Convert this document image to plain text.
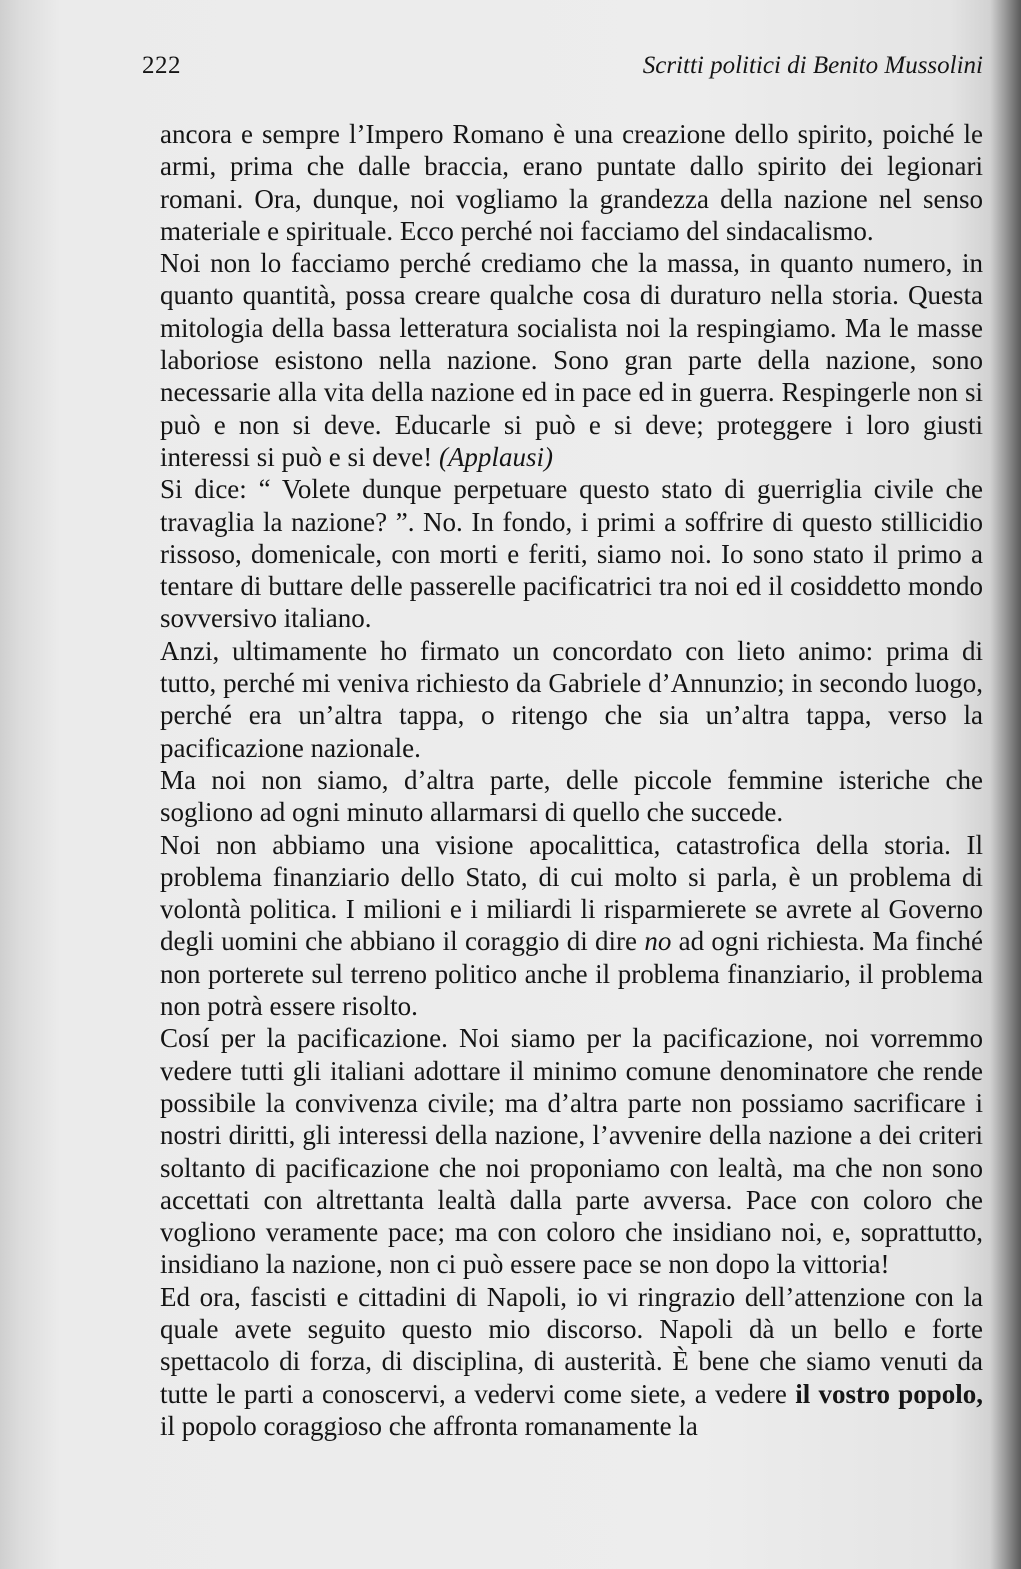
222	Scritti politici di Benito Mussolini

ancora e sempre l’Impero Romano è una creazione dello spirito, poiché le armi, prima che dalle braccia, erano puntate dallo spirito dei legionari romani. Ora, dunque, noi vogliamo la grandezza della nazione nel senso materiale e spirituale. Ecco perché noi facciamo del sindacalismo.

Noi non lo facciamo perché crediamo che la massa, in quanto numero, in quanto quantità, possa creare qualche cosa di duraturo nella storia. Questa mitologia della bassa letteratura socialista noi la respingiamo. Ma le masse laboriose esistono nella nazione. Sono gran parte della nazione, sono necessarie alla vita della nazione ed in pace ed in guerra. Respingerle non si può e non si deve. Educarle si può e si deve; proteggere i loro giusti interessi si può e si deve! (Applausi)

Si dice: “ Volete dunque perpetuare questo stato di guerriglia civile che travaglia la nazione? ”. No. In fondo, i primi a soffrire di questo stillicidio rissoso, domenicale, con morti e feriti, siamo noi. Io sono stato il primo a tentare di buttare delle passerelle pacificatrici tra noi ed il cosiddetto mondo sovversivo italiano.

Anzi, ultimamente ho firmato un concordato con lieto animo: prima di tutto, perché mi veniva richiesto da Gabriele d’Annunzio; in secondo luogo, perché era un’altra tappa, o ritengo che sia un’altra tappa, verso la pacificazione nazionale.

Ma noi non siamo, d’altra parte, delle piccole femmine isteriche che sogliono ad ogni minuto allarmarsi di quello che succede.

Noi non abbiamo una visione apocalittica, catastrofica della storia. Il problema finanziario dello Stato, di cui molto si parla, è un problema di volontà politica. I milioni e i miliardi li risparmierete se avrete al Governo degli uomini che abbiano il coraggio di dire no ad ogni richiesta. Ma finché non porterete sul terreno politico anche il problema finanziario, il problema non potrà essere risolto.

Cosí per la pacificazione. Noi siamo per la pacificazione, noi vorremmo vedere tutti gli italiani adottare il minimo comune denominatore che rende possibile la convivenza civile; ma d’altra parte non possiamo sacrificare i nostri diritti, gli interessi della nazione, l’avvenire della nazione a dei criteri soltanto di pacificazione che noi proponiamo con lealtà, ma che non sono accettati con altrettanta lealtà dalla parte avversa. Pace con coloro che vogliono veramente pace; ma con coloro che insidiano noi, e, soprattutto, insidiano la nazione, non ci può essere pace se non dopo la vittoria!

Ed ora, fascisti e cittadini di Napoli, io vi ringrazio dell’attenzione con la quale avete seguito questo mio discorso. Napoli dà un bello e forte spettacolo di forza, di disciplina, di austerità. È bene che siamo venuti da tutte le parti a conoscervi, a vedervi come siete, a vedere il vostro popolo, il popolo coraggioso che affronta romanamente la
